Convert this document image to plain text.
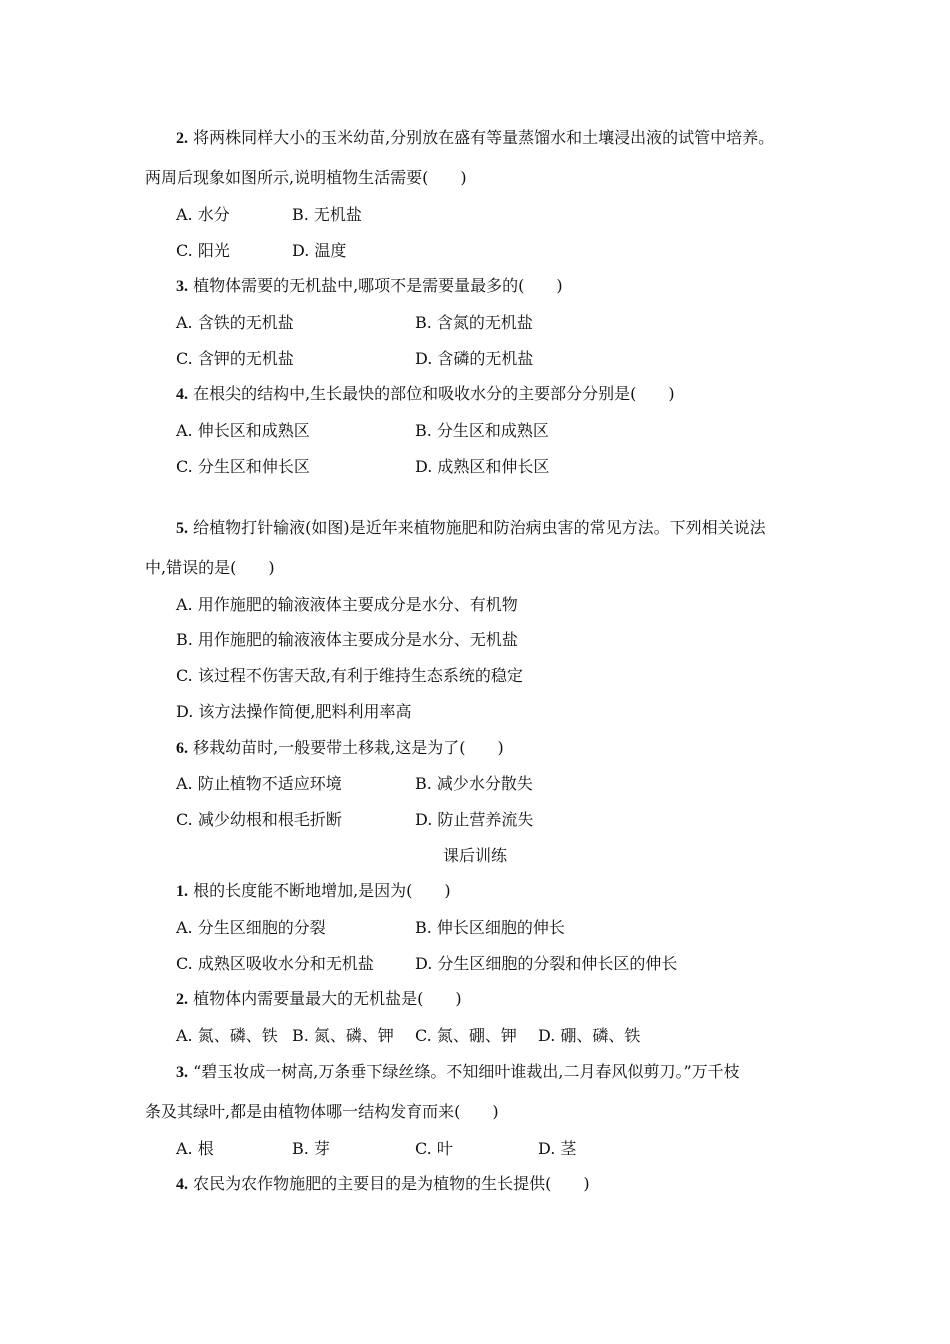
2. 将两株同样大小的玉米幼苗,分别放在盛有等量蒸馏水和土壤浸出液的试管中培养。
两周后现象如图所示,说明植物生活需要(　　)
A. 水分	B. 无机盐
C. 阳光	D. 温度
3. 植物体需要的无机盐中,哪项不是需要量最多的(　　)
A. 含铁的无机盐	B. 含氮的无机盐
C. 含钾的无机盐	D. 含磷的无机盐
4. 在根尖的结构中,生长最快的部位和吸收水分的主要部分分别是(　　)
A. 伸长区和成熟区	B. 分生区和成熟区
C. 分生区和伸长区	D. 成熟区和伸长区
5. 给植物打针输液(如图)是近年来植物施肥和防治病虫害的常见方法。下列相关说法
中,错误的是(　　)
A. 用作施肥的输液液体主要成分是水分、有机物
B. 用作施肥的输液液体主要成分是水分、无机盐
C. 该过程不伤害天敌,有利于维持生态系统的稳定
D. 该方法操作简便,肥料利用率高
6. 移栽幼苗时,一般要带土移栽,这是为了(　　)
A. 防止植物不适应环境	B. 减少水分散失
C. 减少幼根和根毛折断	D. 防止营养流失
课后训练
1. 根的长度能不断地增加,是因为(　　)
A. 分生区细胞的分裂	B. 伸长区细胞的伸长
C. 成熟区吸收水分和无机盐	D. 分生区细胞的分裂和伸长区的伸长
2. 植物体内需要量最大的无机盐是(　　)
A. 氮、磷、铁 B. 氮、磷、钾 C. 氮、硼、钾 D. 硼、磷、铁
3. “碧玉妆成一树高,万条垂下绿丝绦。不知细叶谁裁出,二月春风似剪刀。”万千枝
条及其绿叶,都是由植物体哪一结构发育而来(　　)
A. 根	B. 芽	C. 叶	D. 茎
4. 农民为农作物施肥的主要目的是为植物的生长提供(　　)
